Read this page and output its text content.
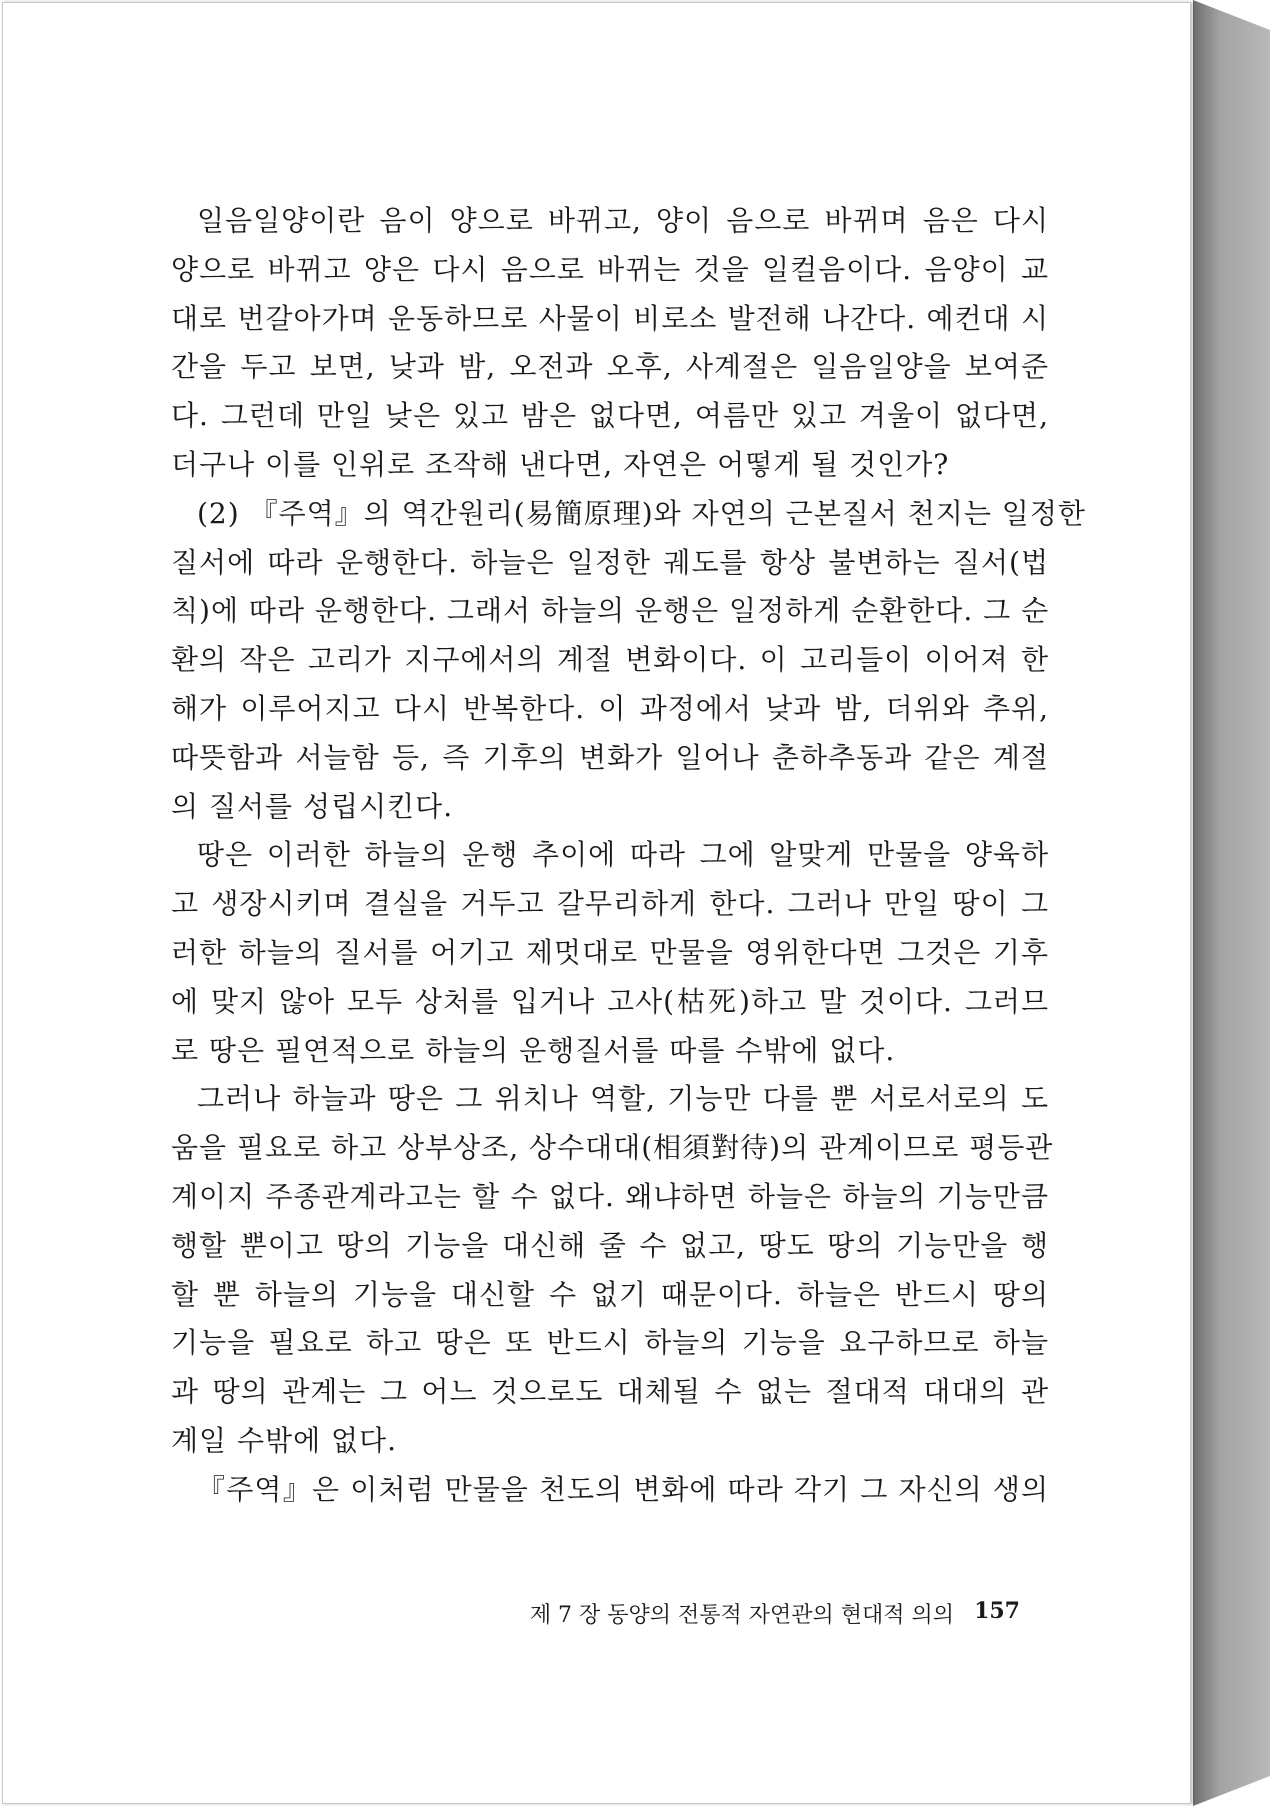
일음일양이란 음이 양으로 바뀌고, 양이 음으로 바뀌며 음은 다시
양으로 바뀌고 양은 다시 음으로 바뀌는 것을 일컬음이다. 음양이 교
대로 번갈아가며 운동하므로 사물이 비로소 발전해 나간다. 예컨대 시
간을 두고 보면, 낮과 밤, 오전과 오후, 사계절은 일음일양을 보여준
다. 그런데 만일 낮은 있고 밤은 없다면, 여름만 있고 겨울이 없다면,
더구나 이를 인위로 조작해 낸다면, 자연은 어떻게 될 것인가?
(2) 『주역』의 역간원리(易簡原理)와 자연의 근본질서 천지는 일정한
질서에 따라 운행한다. 하늘은 일정한 궤도를 항상 불변하는 질서(법
칙)에 따라 운행한다. 그래서 하늘의 운행은 일정하게 순환한다. 그 순
환의 작은 고리가 지구에서의 계절 변화이다. 이 고리들이 이어져 한
해가 이루어지고 다시 반복한다. 이 과정에서 낮과 밤, 더위와 추위,
따뜻함과 서늘함 등, 즉 기후의 변화가 일어나 춘하추동과 같은 계절
의 질서를 성립시킨다.
땅은 이러한 하늘의 운행 추이에 따라 그에 알맞게 만물을 양육하
고 생장시키며 결실을 거두고 갈무리하게 한다. 그러나 만일 땅이 그
러한 하늘의 질서를 어기고 제멋대로 만물을 영위한다면 그것은 기후
에 맞지 않아 모두 상처를 입거나 고사(枯死)하고 말 것이다. 그러므
로 땅은 필연적으로 하늘의 운행질서를 따를 수밖에 없다.
그러나 하늘과 땅은 그 위치나 역할, 기능만 다를 뿐 서로서로의 도
움을 필요로 하고 상부상조, 상수대대(相須對待)의 관계이므로 평등관
계이지 주종관계라고는 할 수 없다. 왜냐하면 하늘은 하늘의 기능만큼
행할 뿐이고 땅의 기능을 대신해 줄 수 없고, 땅도 땅의 기능만을 행
할 뿐 하늘의 기능을 대신할 수 없기 때문이다. 하늘은 반드시 땅의
기능을 필요로 하고 땅은 또 반드시 하늘의 기능을 요구하므로 하늘
과 땅의 관계는 그 어느 것으로도 대체될 수 없는 절대적 대대의 관
계일 수밖에 없다.
『주역』은 이처럼 만물을 천도의 변화에 따라 각기 그 자신의 생의
제 7 장 동양의 전통적 자연관의 현대적 의의 157
